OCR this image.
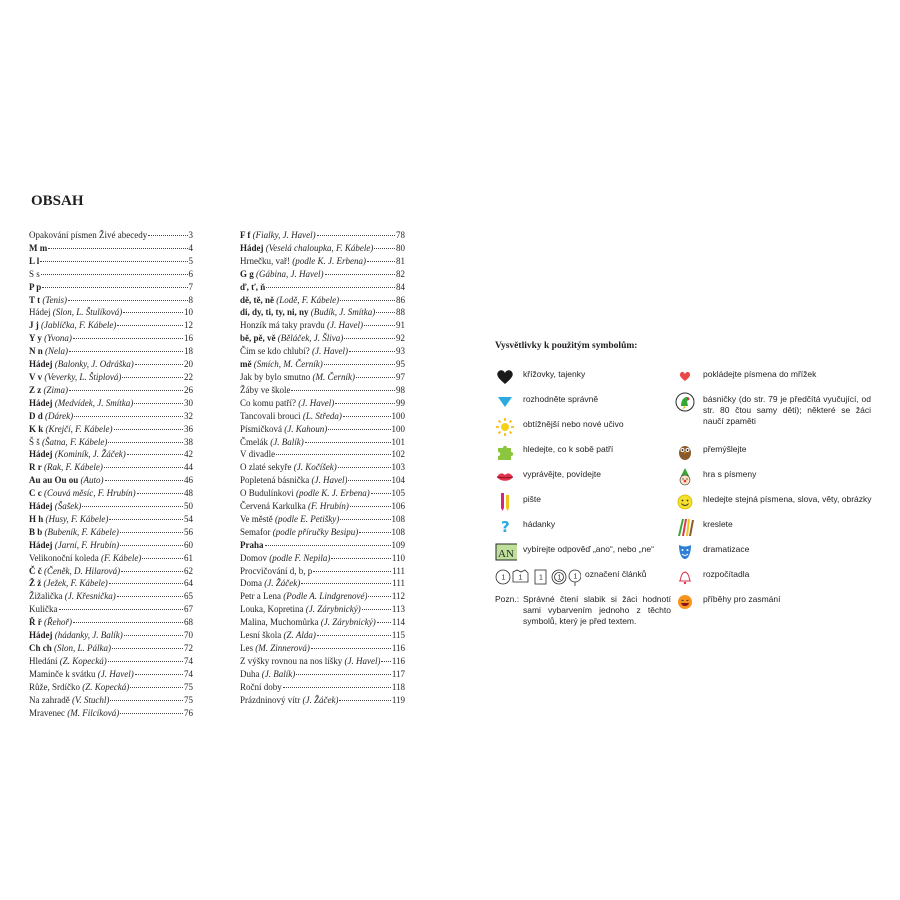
OBSAH
Opakování písmen Živé abecedy	3
M m	4
L l	5
S s	6
P p	7
T t (Tenis)	8
Hádej (Slon, L. Štulíková)	10
J j (Jablíčka, F. Kábele)	12
Y y (Yvona)	16
N n (Nela)	18
Hádej (Balonky, J. Odráška)	20
V v (Veverky, L. Štiplová)	22
Z z (Zima)	26
Hádej (Medvídek, J. Smítka)	30
D d (Dárek)	32
K k (Krejčí, F. Kábele)	36
Š š (Šatna, F. Kábele)	38
Hádej (Kominík, J. Žáček)	42
R r (Rak, F. Kábele)	44
Au au Ou ou (Auto)	46
C c (Couvá měsíc, F. Hrubín)	48
Hádej (Šašek)	50
H h (Husy, F. Kábele)	54
B b (Bubeník, F. Kábele)	56
Hádej (Jarní, F. Hrubín)	60
Velikonoční koleda (F. Kábele)	61
Č č (Čeněk, D. Hilarová)	62
Ž ž (Ježek, F. Kábele)	64
Žižalička (J. Křesnička)	65
Kulička	67
Ř ř (Řehoř)	68
Hádej (hádanky, J. Balík)	70
Ch ch (Slon, L. Pálka)	72
Hledání (Z. Kopecká)	74
Maminče k svátku (J. Havel)	74
Růže, Srdíčko (Z. Kopecká)	75
Na zahradě (V. Stuchl)	75
Mravenec (M. Filcíková)	76
F f (Fialky, J. Havel)	78
Hádej (Veselá chaloupka, F. Kábele)	80
Hrnečku, vař! (podle K. J. Erbena)	81
G g (Gábina, J. Havel)	82
ď, ť, ň	84
dě, tě, ně (Lodě, F. Kábele)	86
di, dy, ti, ty, ni, ny (Budík, J. Smítka) 88
Honzík má taky pravdu (J. Havel)	91
bě, pě, vě (Běláček, J. Šliva)	92
Čím se kdo chlubí? (J. Havel)	93
mě (Smích, M. Černík)	95
Jak by bylo smutno (M. Černík)	97
Žáby ve škole	98
Co komu patří? (J. Havel)	99
Tancovali brouci (L. Středa)	100
Písmičková (J. Kahoun)	100
Čmelák (J. Balík)	101
V divadle	102
O zlaté sekyře (J. Kočíšek)	103
Popletená básnička (J. Havel)	104
O Budulínkovi (podle K. J. Erbena) 105
Červená Karkulka (F. Hrubín)	106
Ve městě (podle E. Petišky)	108
Semafor (podle příručky Besipu)	108
Praha	109
Domov (podle F. Nepila)	110
Procvičování d, b, p	111
Doma (J. Žáček)	111
Petr a Lena (Podle A. Lindgrenové)	112
Louka, Kopretina (J. Zárybnický)	113
Malina, Muchomůrka (J. Zárybnický) 114
Lesní škola (Z. Alda)	115
Les (M. Zinnerová)	116
Z výšky rovnou na nos lišky (J. Havel) 116
Duha (J. Balík)	117
Roční doby	118
Prázdninový vítr (J. Žáček)	119

Vysvětlivky k použitým symbolům:

křížovky, tajenky
rozhodněte správně
obtížnější nebo nové učivo
hledejte, co k sobě patří
vyprávějte, povídejte
pište
? hádanky
AN vybírejte odpověď „ano“, nebo „ne“
1 1 1 1 1 označení článků
pokládejte písmena do mřížek
básničky (do str. 79 je předčítá vyučující, od str. 80 čtou samy děti); některé se žáci naučí zpaměti
přemýšlejte
hra s písmeny
hledejte stejná písmena, slova, věty, obrázky
kreslete
dramatizace
rozpočítadla
příběhy pro zasmání
Pozn.: Správné čtení slabik si žáci hodnotí sami vybarvením jednoho z těchto symbolů, který je před textem.
